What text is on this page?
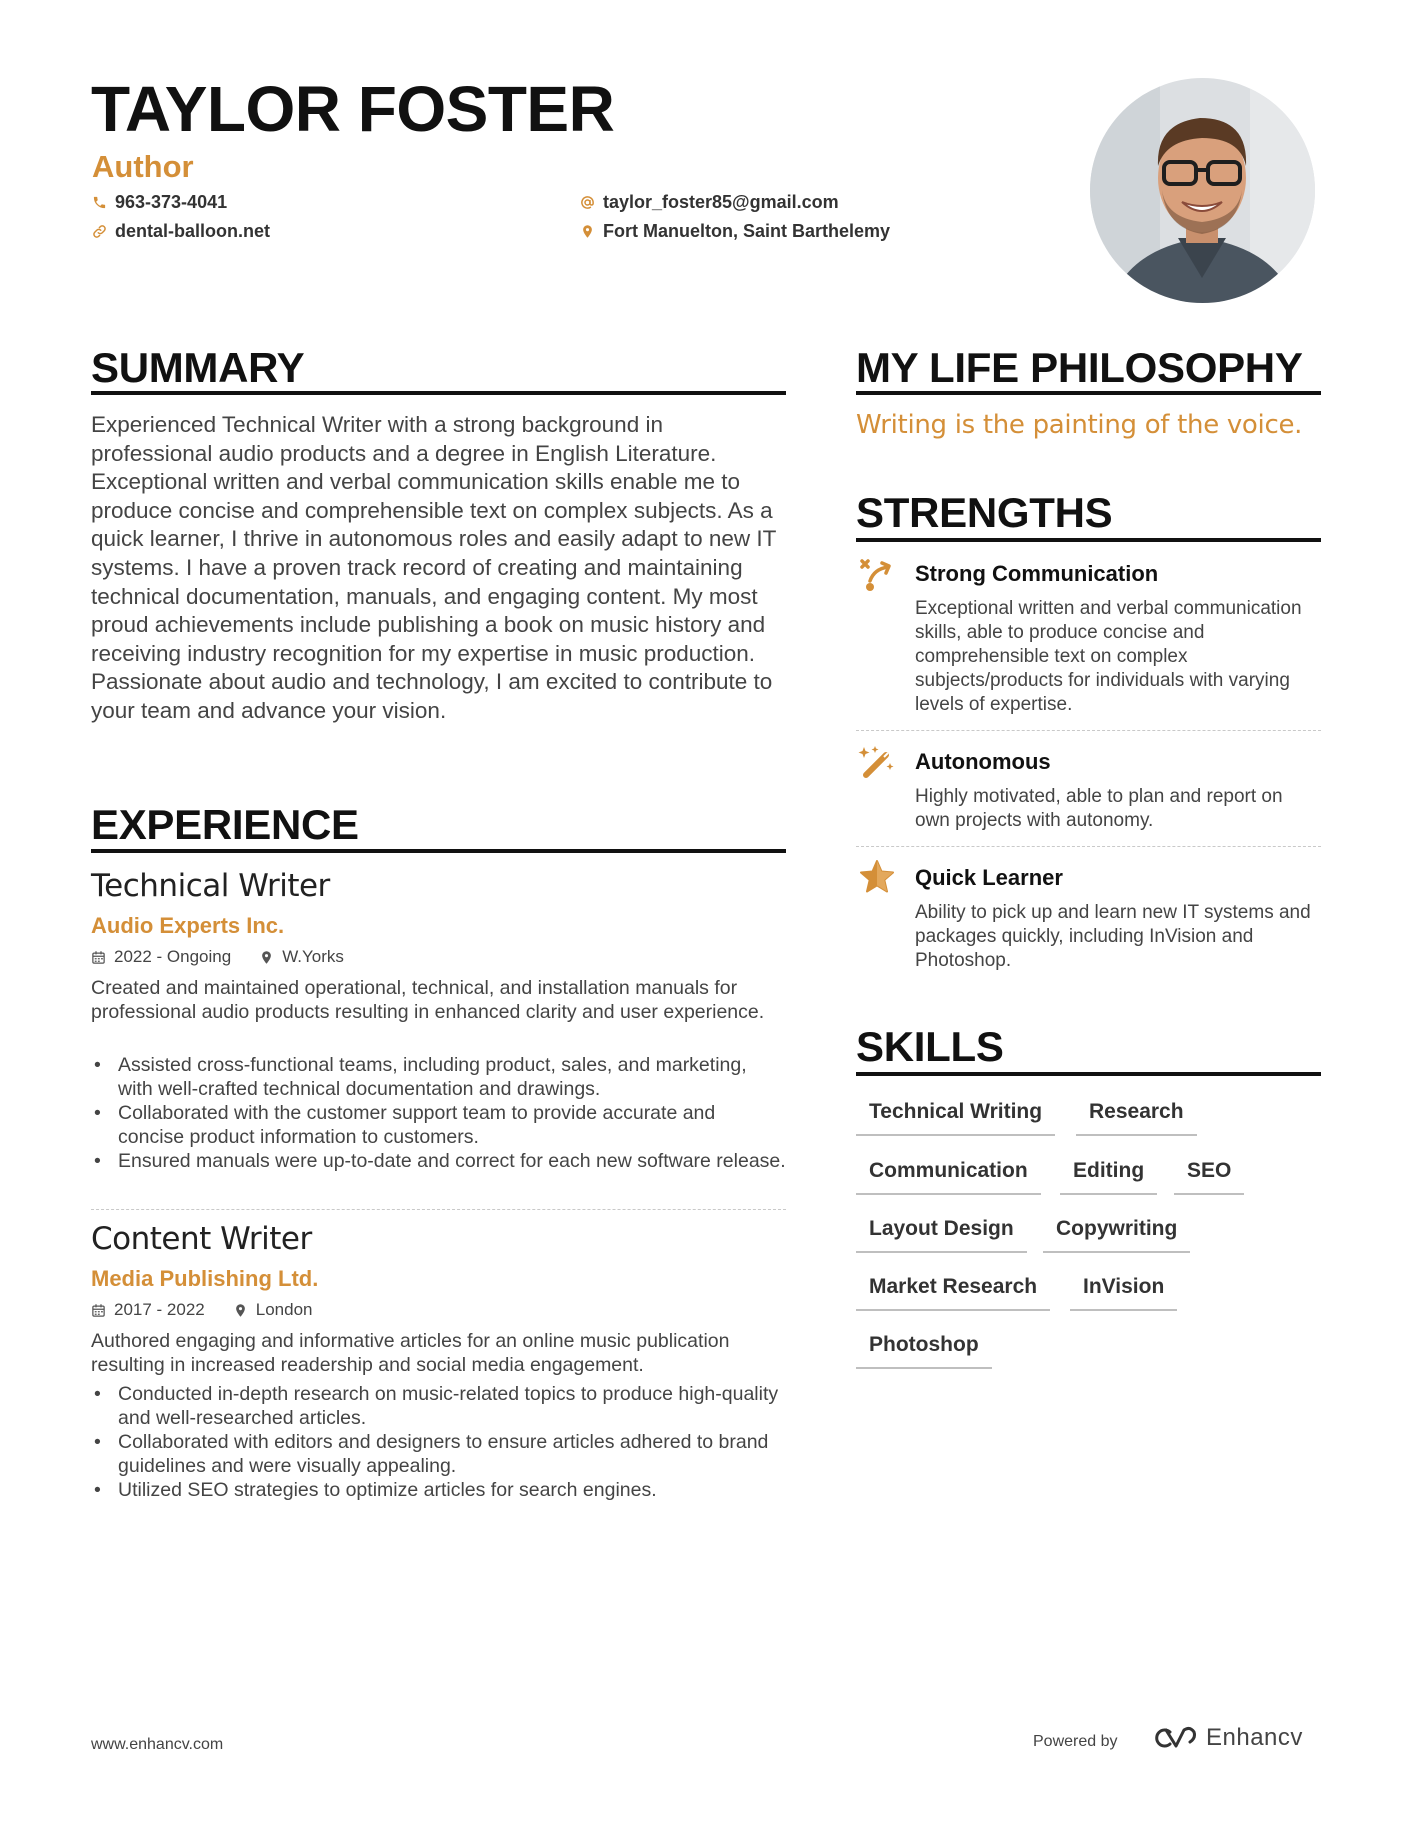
TAYLOR FOSTER
Author
963-373-4041	taylor_foster85@gmail.com
dental-balloon.net	Fort Manuelton, Saint Barthelemy
SUMMARY
Experienced Technical Writer with a strong background in professional audio products and a degree in English Literature. Exceptional written and verbal communication skills enable me to produce concise and comprehensible text on complex subjects. As a quick learner, I thrive in autonomous roles and easily adapt to new IT systems. I have a proven track record of creating and maintaining technical documentation, manuals, and engaging content. My most proud achievements include publishing a book on music history and receiving industry recognition for my expertise in music production. Passionate about audio and technology, I am excited to contribute to your team and advance your vision.
EXPERIENCE
Technical Writer
Audio Experts Inc.
2022 - Ongoing	W.Yorks
Created and maintained operational, technical, and installation manuals for professional audio products resulting in enhanced clarity and user experience.
• Assisted cross-functional teams, including product, sales, and marketing, with well-crafted technical documentation and drawings.
• Collaborated with the customer support team to provide accurate and concise product information to customers.
• Ensured manuals were up-to-date and correct for each new software release.
Content Writer
Media Publishing Ltd.
2017 - 2022	London
Authored engaging and informative articles for an online music publication resulting in increased readership and social media engagement.
• Conducted in-depth research on music-related topics to produce high-quality and well-researched articles.
• Collaborated with editors and designers to ensure articles adhered to brand guidelines and were visually appealing.
• Utilized SEO strategies to optimize articles for search engines.
MY LIFE PHILOSOPHY
Writing is the painting of the voice.
STRENGTHS
Strong Communication
Exceptional written and verbal communication skills, able to produce concise and comprehensible text on complex subjects/products for individuals with varying levels of expertise.
Autonomous
Highly motivated, able to plan and report on own projects with autonomy.
Quick Learner
Ability to pick up and learn new IT systems and packages quickly, including InVision and Photoshop.
SKILLS
Technical Writing	Research
Communication	Editing	SEO
Layout Design	Copywriting
Market Research	InVision
Photoshop
www.enhancv.com	Powered by	Enhancv
